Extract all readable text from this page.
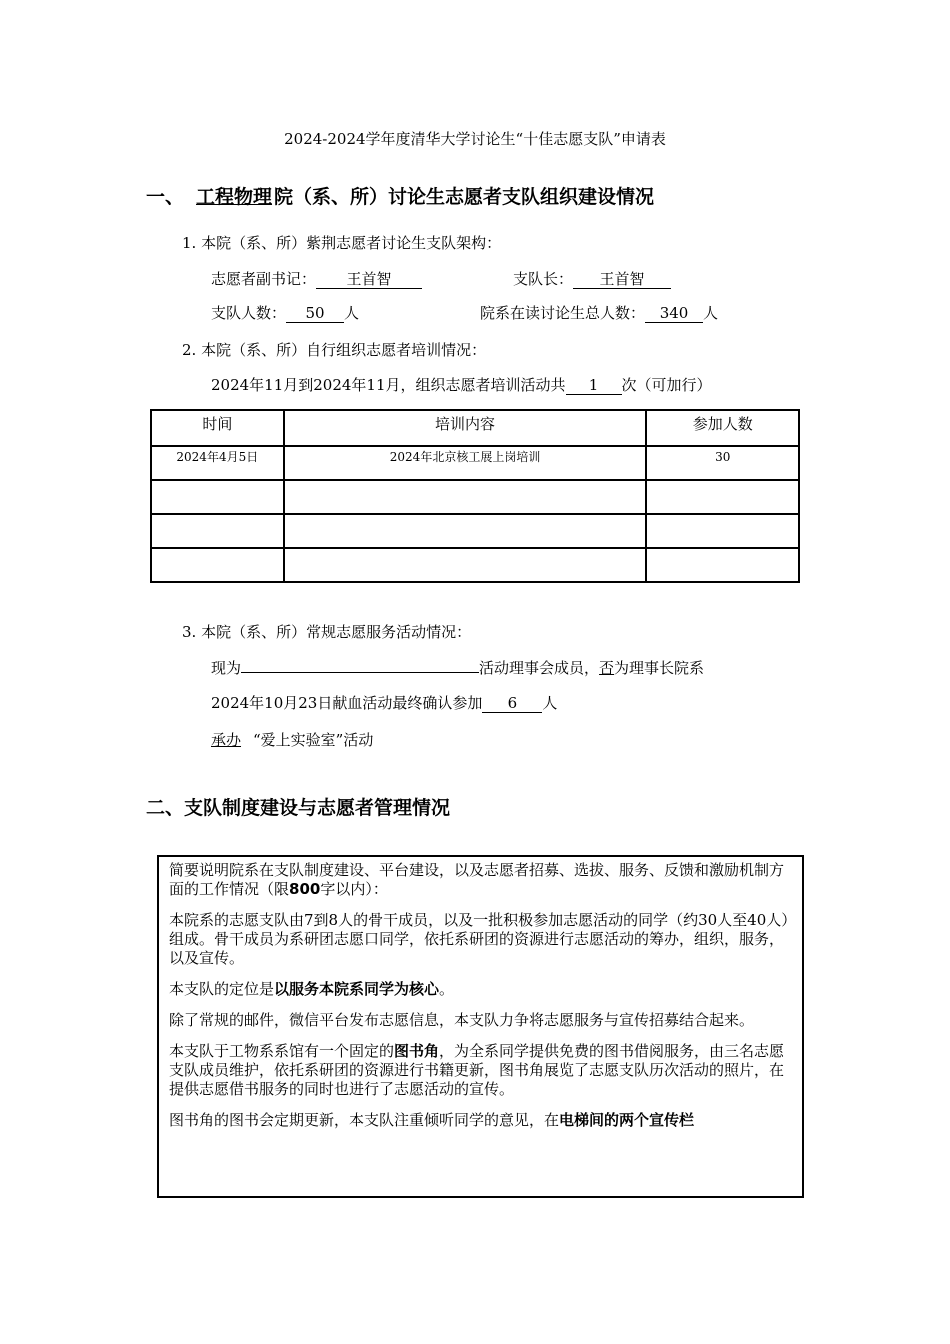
2024-2024学年度清华大学讨论生“十佳志愿支队”申请表
一、 工程物理 院（系、所）讨论生志愿者支队组织建设情况
1. 本院（系、所）紫荆志愿者讨论生支队架构：
志愿者副书记： 王首智	支队长： 王首智
支队人数： 50 人	院系在读讨论生总人数： 340 人
2. 本院（系、所）自行组织志愿者培训情况：
2024年11月到2024年11月，组织志愿者培训活动共 1 次（可加行）
时间	培训内容	参加人数
2024年4月5日	2024年北京核工展上岗培训	30

3. 本院（系、所）常规志愿服务活动情况：
现为	活动理事会成员，否为理事长院系
2024年10月23日献血活动最终确认参加 6 人
承办 “爱上实验室”活动
二、支队制度建设与志愿者管理情况

简要说明院系在支队制度建设、平台建设，以及志愿者招募、选拔、服务、反馈和激励机制方面的工作情况（限800字以内）：

本院系的志愿支队由7到8人的骨干成员，以及一批积极参加志愿活动的同学（约30人至40人）组成。骨干成员为系研团志愿口同学，依托系研团的资源进行志愿活动的筹办，组织，服务，以及宣传。

本支队的定位是以服务本院系同学为核心。

除了常规的邮件，微信平台发布志愿信息，本支队力争将志愿服务与宣传招募结合起来。

本支队于工物系系馆有一个固定的图书角，为全系同学提供免费的图书借阅服务，由三名志愿支队成员维护，依托系研团的资源进行书籍更新，图书角展览了志愿支队历次活动的照片，在提供志愿借书服务的同时也进行了志愿活动的宣传。

图书角的图书会定期更新，本支队注重倾听同学的意见，在电梯间的两个宣传栏
